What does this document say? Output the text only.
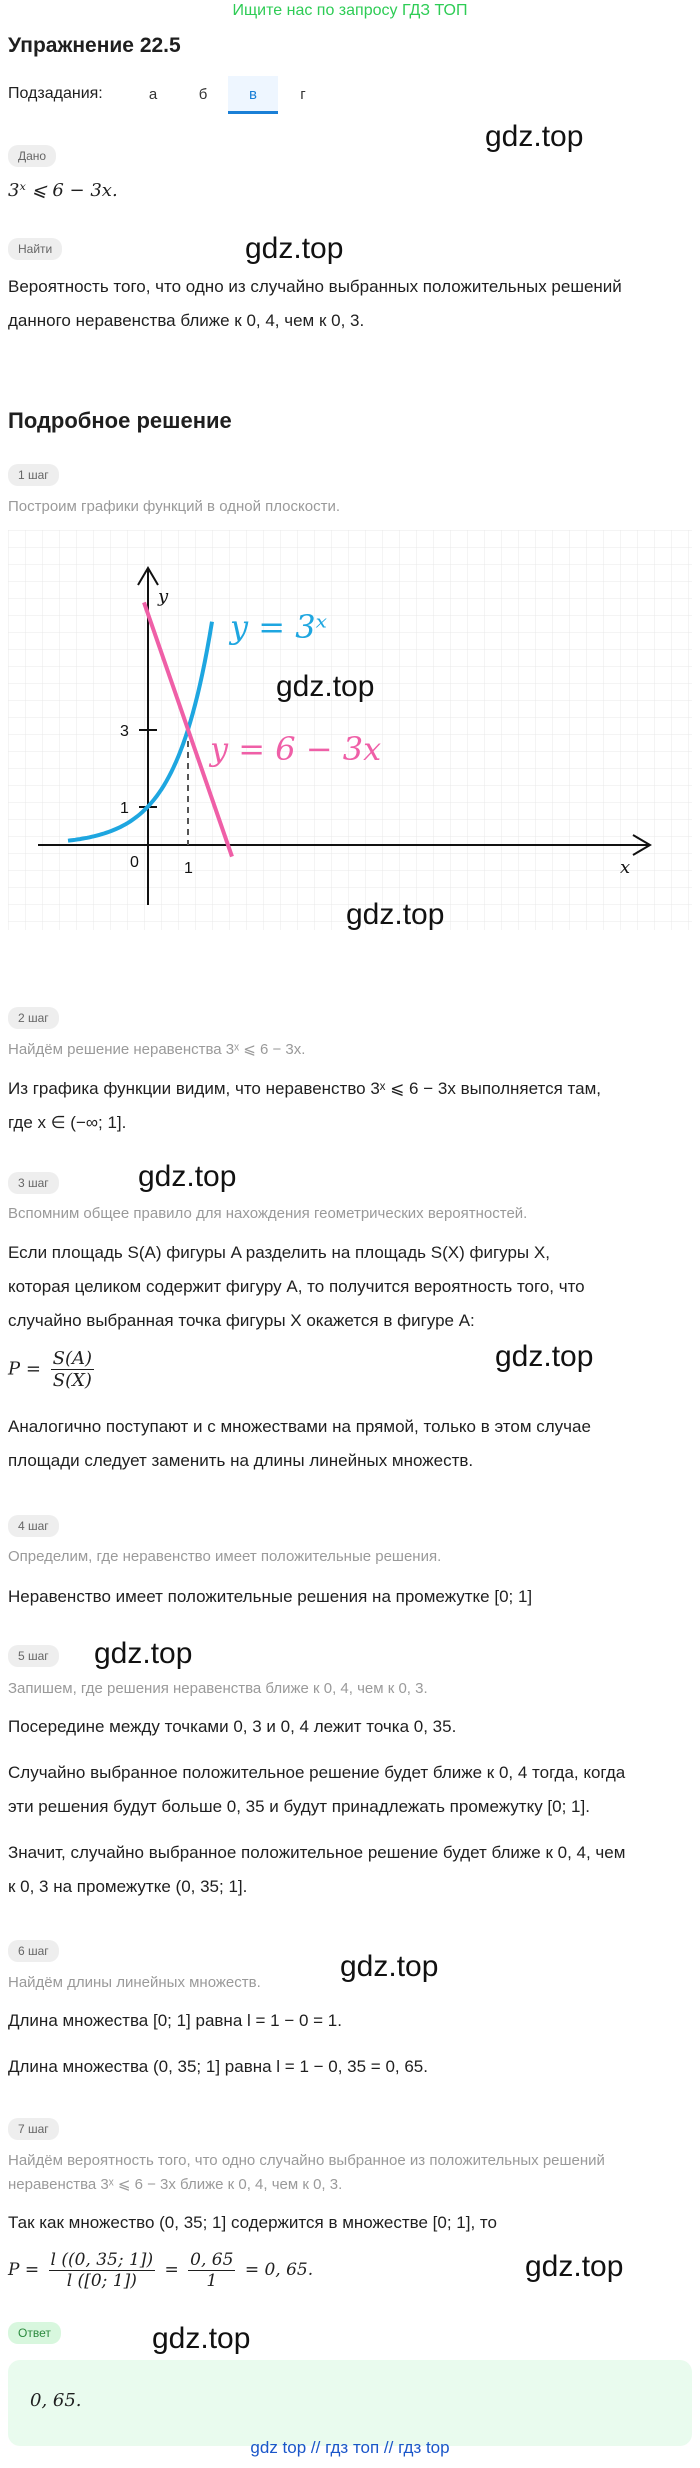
Ищите нас по запросу ГДЗ ТОП
Упражнение 22.5
Подзадания:	а	б	в	г
gdz.top
Дано
3ˣ ⩽ 6 − 3x.
Найти	gdz.top
Вероятность того, что одно из случайно выбранных положительных решений
данного неравенства ближе к 0, 4, чем к 0, 3.
Подробное решение
1 шаг
Построим графики функций в одной плоскости.
y = 3ˣ
y = 6 − 3x
y
x
3
1
0	1
gdz.top
gdz.top
2 шаг
Найдём решение неравенства 3ˣ ⩽ 6 − 3x.
Из графика функции видим, что неравенство 3ˣ ⩽ 6 − 3x выполняется там,
где x ∈ (−∞; 1].
3 шаг	gdz.top
Вспомним общее правило для нахождения геометрических вероятностей.
Если площадь S(A) фигуры A разделить на площадь S(X) фигуры X,
которая целиком содержит фигуру A, то получится вероятность того, что
случайно выбранная точка фигуры X окажется в фигуре A:
$P = \frac{S(A)}{S(X)}$	gdz.top
Аналогично поступают и с множествами на прямой, только в этом случае
площади следует заменить на длины линейных множеств.
4 шаг
Определим, где неравенство имеет положительные решения.
Неравенство имеет положительные решения на промежутке [0; 1]
5 шаг	gdz.top
Запишем, где решения неравенства ближе к 0, 4, чем к 0, 3.
Посередине между точками 0, 3 и 0, 4 лежит точка 0, 35.
Случайно выбранное положительное решение будет ближе к 0, 4 тогда, когда
эти решения будут больше 0, 35 и будут принадлежать промежутку [0; 1].
Значит, случайно выбранное положительное решение будет ближе к 0, 4, чем
к 0, 3 на промежутке (0, 35; 1].
6 шаг	gdz.top
Найдём длины линейных множеств.
Длина множества [0; 1] равна l = 1 − 0 = 1.
Длина множества (0, 35; 1] равна l = 1 − 0, 35 = 0, 65.
7 шаг
Найдём вероятность того, что одно случайно выбранное из положительных решений
неравенства 3ˣ ⩽ 6 − 3x ближе к 0, 4, чем к 0, 3.
Так как множество (0, 35; 1] содержится в множестве [0; 1], то
$P = \frac{l ((0, 35; 1])}{l ([0; 1])} = \frac{0, 65}{1} = 0$, 65.	gdz.top
Ответ	gdz.top
0, 65.
gdz top // гдз топ // гдз top
